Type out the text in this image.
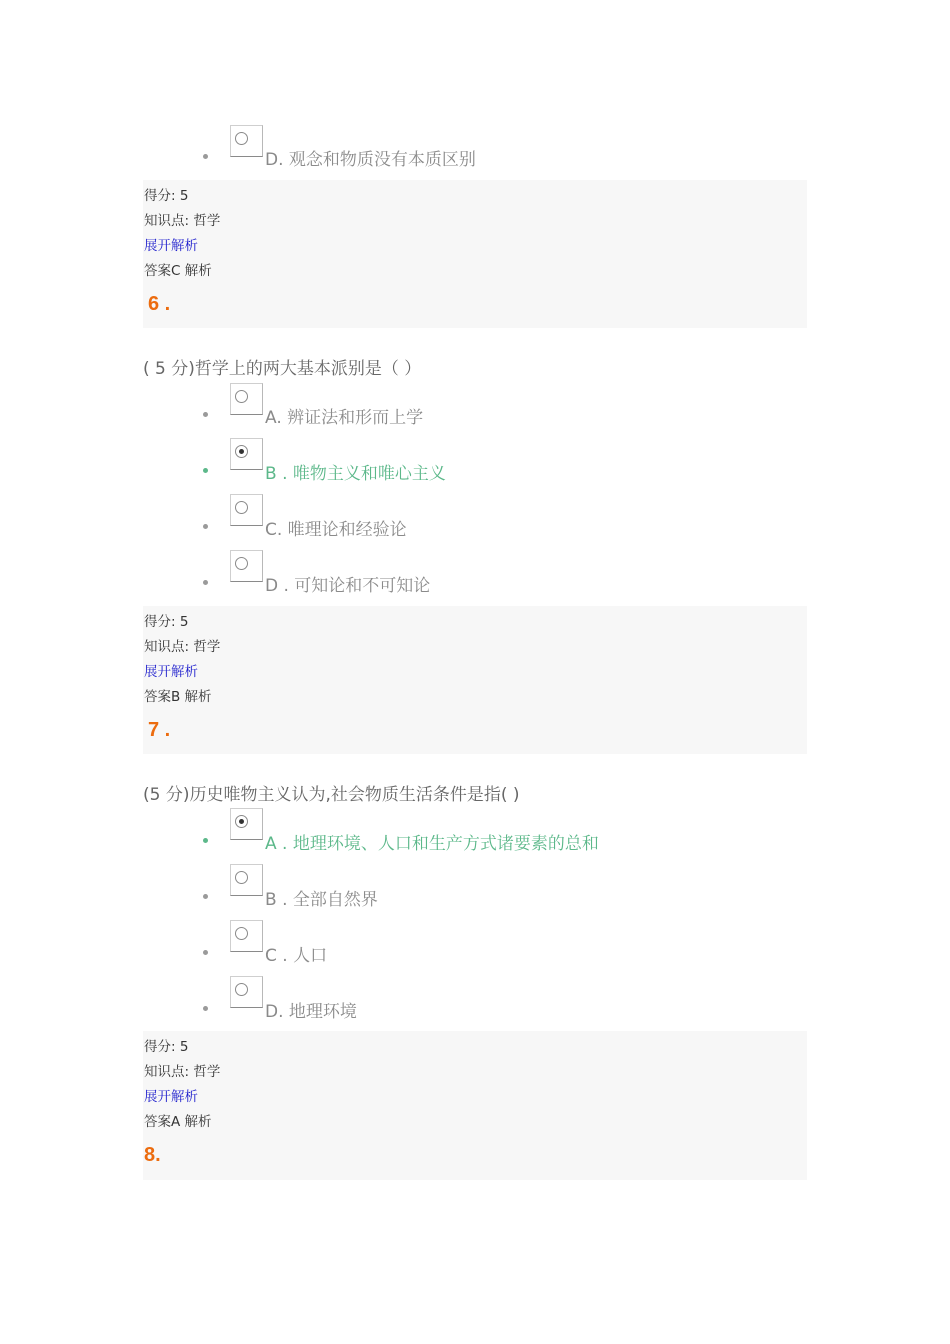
D. 观念和物质没有本质区别
得分: 5
知识点: 哲学
展开解析
答案C 解析
6 .
( 5 分)哲学上的两大基本派别是（ ）
A. 辨证法和形而上学
B . 唯物主义和唯心主义
C. 唯理论和经验论
D . 可知论和不可知论
得分: 5
知识点: 哲学
展开解析
答案B 解析
7 .
(5 分)历史唯物主义认为,社会物质生活条件是指( )
A . 地理环境、人口和生产方式诸要素的总和
B . 全部自然界
C . 人口
D. 地理环境
得分: 5
知识点: 哲学
展开解析
答案A 解析
8.
